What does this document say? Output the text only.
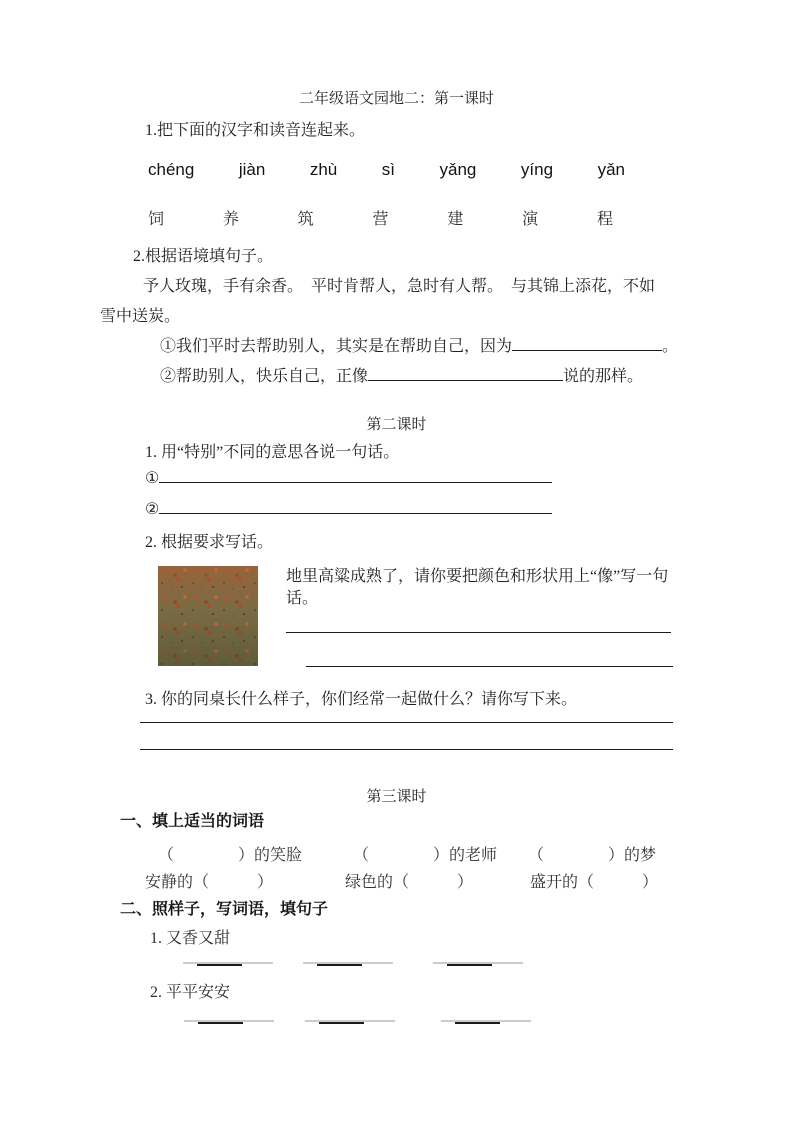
二年级语文园地二：第一课时
1.把下面的汉字和读音连起来。
chéng	jiàn	zhù	sì	yǎng	yíng	yǎn
饲	养	筑	营	建	演	程
2.根据语境填句子。
予人玫瑰，手有余香。　平时肯帮人，急时有人帮。　与其锦上添花，不如
雪中送炭。
①我们平时去帮助别人，其实是在帮助自己，因为	。
②帮助别人，快乐自己，正像	说的那样。
第二课时
1. 用“特别”不同的意思各说一句话。
①
②
2. 根据要求写话。
地里高粱成熟了，请你要把颜色和形状用上“像”写一句话。
3. 你的同桌长什么样子，你们经常一起做什么？请你写下来。
第三课时
一、填上适当的词语
（　　　　）的笑脸	（　　　　）的老师 （　　　　）的梦
安静的（　　　）	绿色的（　　　）	盛开的（　　　）
二、照样子，写词语，填句子
1. 又香又甜
2. 平平安安
